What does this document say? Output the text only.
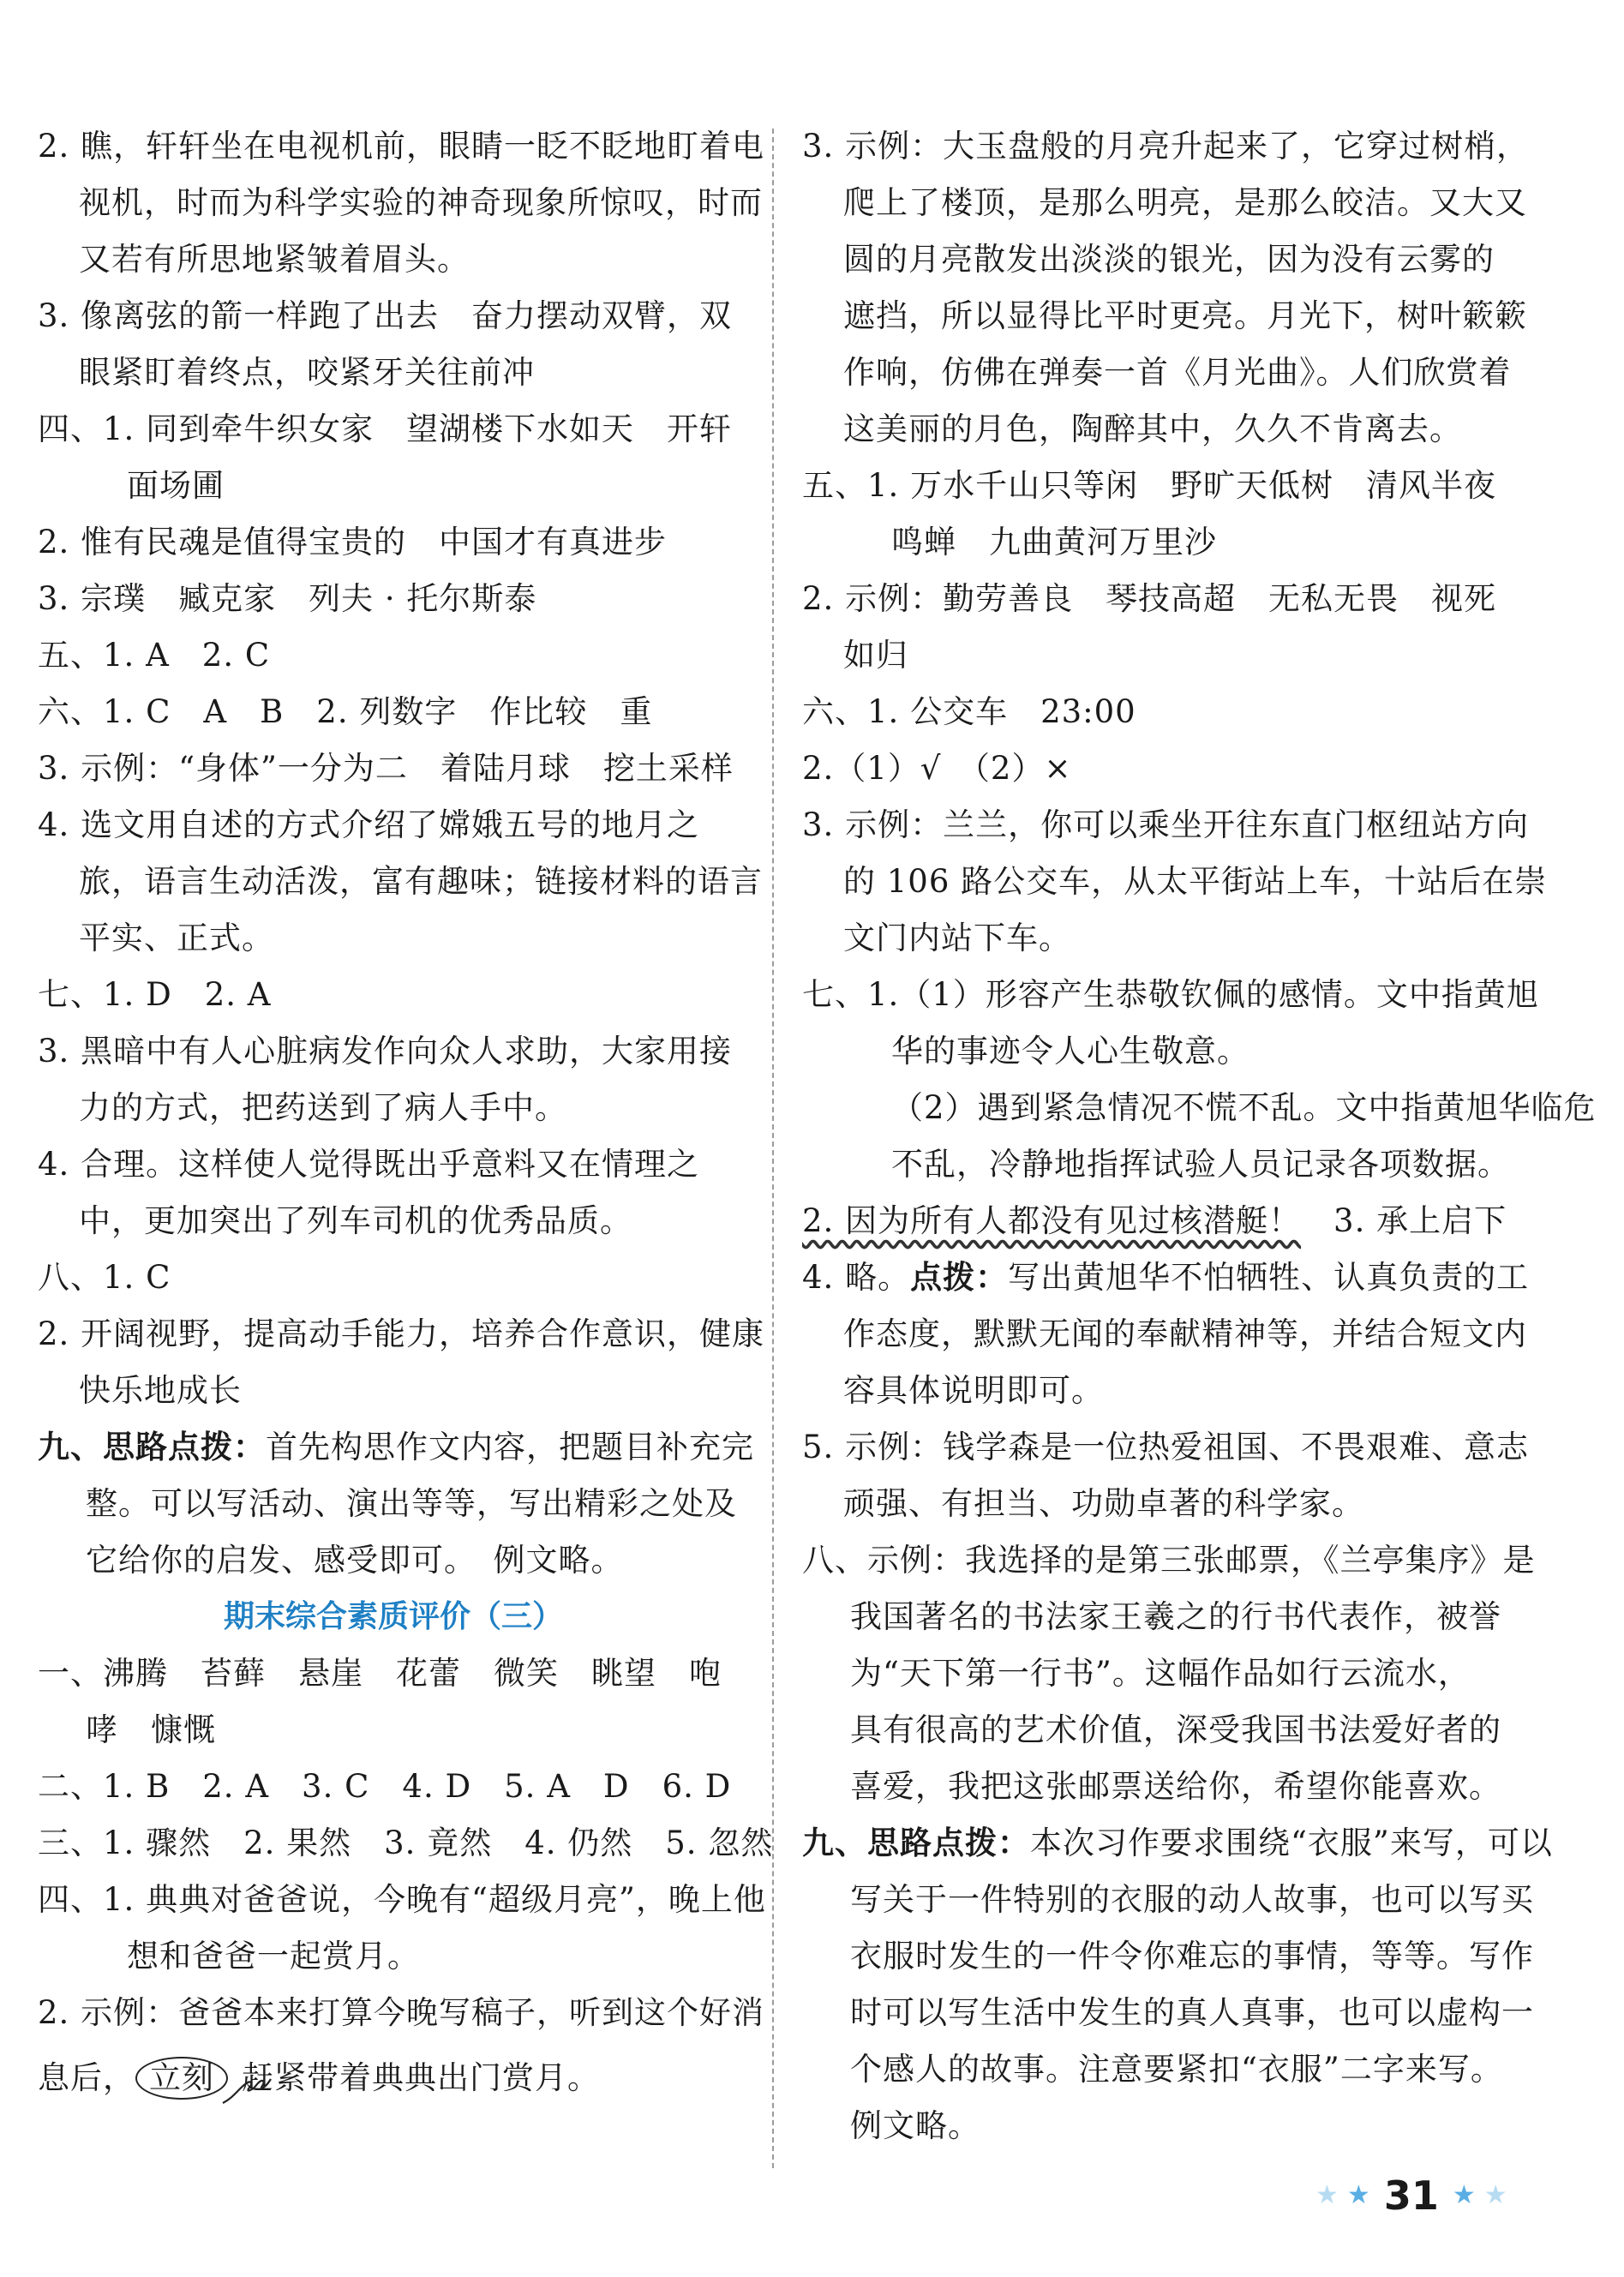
2. 瞧，轩轩坐在电视机前，眼睛一眨不眨地盯着电
视机，时而为科学实验的神奇现象所惊叹，时而
又若有所思地紧皱着眉头。
3. 像离弦的箭一样跑了出去　奋力摆动双臂，双
眼紧盯着终点，咬紧牙关往前冲
四、1. 同到牵牛织女家　望湖楼下水如天　开轩
面场圃
2. 惟有民魂是值得宝贵的　中国才有真进步
3. 宗璞　臧克家　列夫 · 托尔斯泰
五、1. A　2. C
六、1. C　A　B　2. 列数字　作比较　重
3. 示例：“身体”一分为二　着陆月球　挖土采样
4. 选文用自述的方式介绍了嫦娥五号的地月之
旅，语言生动活泼，富有趣味；链接材料的语言
平实、正式。
七、1. D　2. A
3. 黑暗中有人心脏病发作向众人求助，大家用接
力的方式，把药送到了病人手中。
4. 合理。这样使人觉得既出乎意料又在情理之
中，更加突出了列车司机的优秀品质。
八、1. C
2. 开阔视野，提高动手能力，培养合作意识，健康
快乐地成长
九、思路点拨：首先构思作文内容，把题目补充完
整。可以写活动、演出等等，写出精彩之处及
它给你的启发、感受即可。　例文略。
期末综合素质评价（三）
一、沸腾　苔藓　悬崖　花蕾　微笑　眺望　咆
哮　慷慨
二、1. B　2. A　3. C　4. D　5. A　D　6. D
三、1. 骤然　2. 果然　3. 竟然　4. 仍然　5. 忽然
四、1. 典典对爸爸说，今晚有“超级月亮”，晚上他
想和爸爸一起赏月。
2. 示例：爸爸本来打算今晚写稿子，听到这个好消
息后， 立刻 赶紧带着典典出门赏月。
3. 示例：大玉盘般的月亮升起来了，它穿过树梢，
爬上了楼顶，是那么明亮，是那么皎洁。又大又
圆的月亮散发出淡淡的银光，因为没有云雾的
遮挡，所以显得比平时更亮。月光下，树叶簌簌
作响，仿佛在弹奏一首《月光曲》。人们欣赏着
这美丽的月色，陶醉其中，久久不肯离去。
五、1. 万水千山只等闲　野旷天低树　清风半夜
鸣蝉　九曲黄河万里沙
2. 示例：勤劳善良　琴技高超　无私无畏　视死
如归
六、1. 公交车　23:00
2.（1）√　（2）×
3. 示例：兰兰，你可以乘坐开往东直门枢纽站方向
的 106 路公交车，从太平街站上车，十站后在崇
文门内站下车。
七、1.（1）形容产生恭敬钦佩的感情。文中指黄旭
华的事迹令人心生敬意。
（2）遇到紧急情况不慌不乱。文中指黄旭华临危
不乱，冷静地指挥试验人员记录各项数据。
2. 因为所有人都没有见过核潜艇！　3. 承上启下
4. 略。点拨：写出黄旭华不怕牺牲、认真负责的工
作态度，默默无闻的奉献精神等，并结合短文内
容具体说明即可。
5. 示例：钱学森是一位热爱祖国、不畏艰难、意志
顽强、有担当、功勋卓著的科学家。
八、示例：我选择的是第三张邮票，《兰亭集序》是
我国著名的书法家王羲之的行书代表作，被誉
为“天下第一行书”。这幅作品如行云流水，
具有很高的艺术价值，深受我国书法爱好者的
喜爱，我把这张邮票送给你，希望你能喜欢。
九、思路点拨：本次习作要求围绕“衣服”来写，可以
写关于一件特别的衣服的动人故事，也可以写买
衣服时发生的一件令你难忘的事情，等等。写作
时可以写生活中发生的真人真事，也可以虚构一
个感人的故事。注意要紧扣“衣服”二字来写。
例文略。
★ ★ 31 ★ ★
